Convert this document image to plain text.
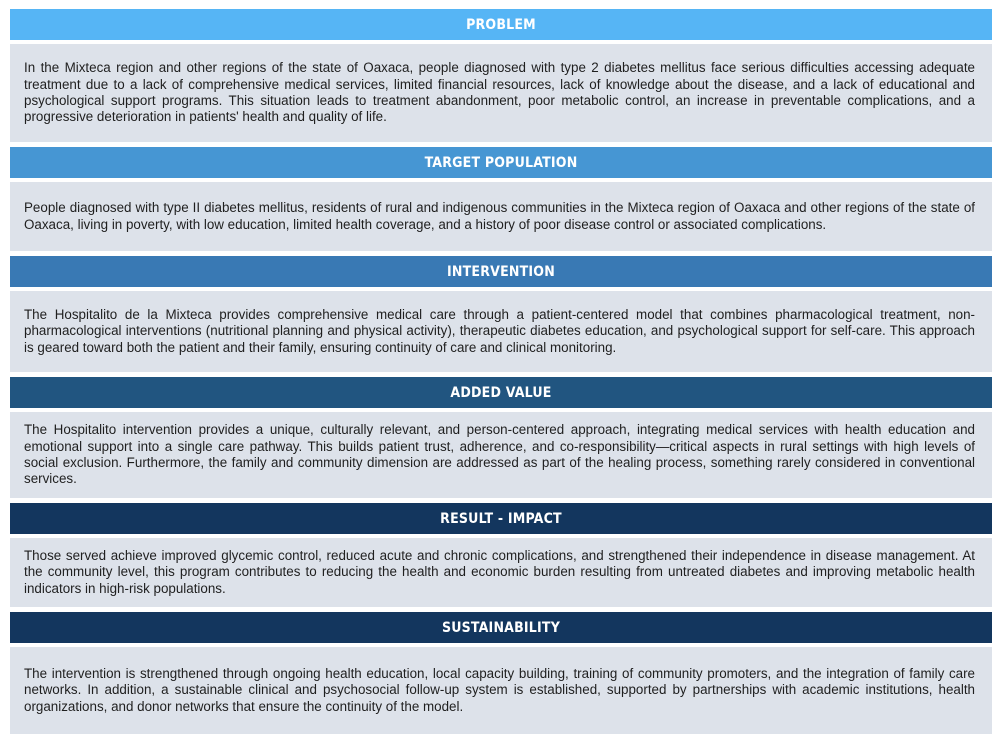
PROBLEM

In the Mixteca region and other regions of the state of Oaxaca, people diagnosed with type 2 diabetes mellitus face serious difficulties accessing adequate treatment due to a lack of comprehensive medical services, limited financial resources, lack of knowledge about the disease, and a lack of educational and psychological support programs. This situation leads to treatment abandonment, poor metabolic control, an increase in preventable complications, and a progressive deterioration in patients' health and quality of life.

TARGET POPULATION

People diagnosed with type II diabetes mellitus, residents of rural and indigenous communities in the Mixteca region of Oaxaca and other regions of the state of Oaxaca, living in poverty, with low education, limited health coverage, and a history of poor disease control or associated complications.

INTERVENTION

The Hospitalito de la Mixteca provides comprehensive medical care through a patient-centered model that combines pharmacological treatment, non-pharmacological interventions (nutritional planning and physical activity), therapeutic diabetes education, and psychological support for self-care. This approach is geared toward both the patient and their family, ensuring continuity of care and clinical monitoring.

ADDED VALUE

The Hospitalito intervention provides a unique, culturally relevant, and person-centered approach, integrating medical services with health education and emotional support into a single care pathway. This builds patient trust, adherence, and co-responsibility—critical aspects in rural settings with high levels of social exclusion. Furthermore, the family and community dimension are addressed as part of the healing process, something rarely considered in conventional services.

RESULT - IMPACT

Those served achieve improved glycemic control, reduced acute and chronic complications, and strengthened their independence in disease management. At the community level, this program contributes to reducing the health and economic burden resulting from untreated diabetes and improving metabolic health indicators in high-risk populations.

SUSTAINABILITY

The intervention is strengthened through ongoing health education, local capacity building, training of community promoters, and the integration of family care networks. In addition, a sustainable clinical and psychosocial follow-up system is established, supported by partnerships with academic institutions, health organizations, and donor networks that ensure the continuity of the model.
